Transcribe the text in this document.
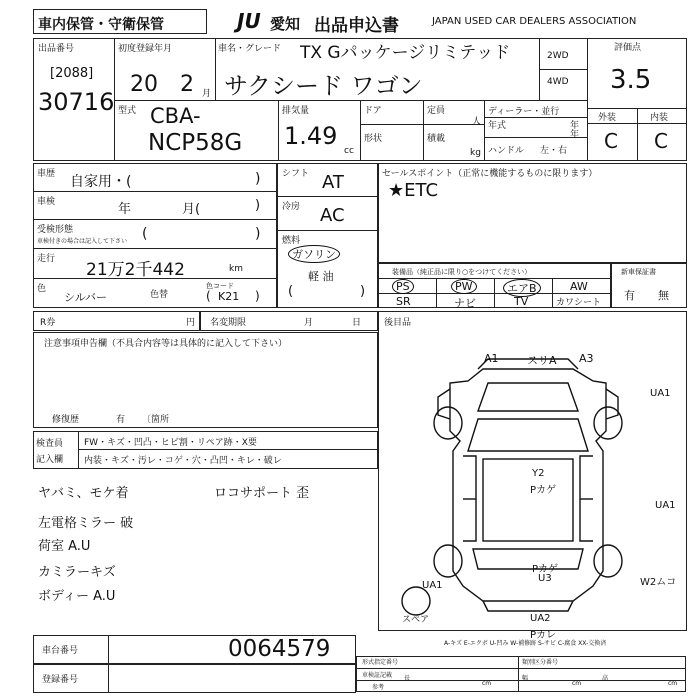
車内保管・守衛保管	JU 愛知 出品申込書	JAPAN USED CAR DEALERS ASSOCIATION
出品番号
[2088]
30716
初度登録年月
20 2 月
車名・グレード TX Gパッケージリミテッド
サクシード ワゴン
2WD
4WD
評価点
3.5
外装	内装
C C
型式 CBA-
NCP58G
排気量
1.49
cc
ドア	定員
人
形状	積載
kg
ディーラー・並行
年式	年
年
ハンドル 左・右
車歴 自家用・(	)
車検	年	月(	)
受検形態
車検付きの場合は記入して下さい (	)
走行
21万2千442	km
色
シルバー	色替
色コード
( K21 )
シフト AT
冷房 AC
燃料
ガソリン
軽 油
(	)
セールスポイント（正常に機能するものに限ります）
★ETC
装備品（純正品に限り○をつけてください）
PS	PW	エアB	AW
SR	ナビ	TV	カワシート
新車保証書
有 無
R券	円 名変期限	月	日
注意事項申告欄（不具合内容等は具体的に記入して下さい）
修復歴	有 〔箇所
検査員
記入欄
FW・キズ・凹凸・ヒビ割・リペア跡・X要
内装・キズ・汚レ・コゲ・穴・凸凹・キレ・破レ
ヤバミ、モケ着	ロコサポート 歪
左電格ミラー 破
荷室 A.U
カミラーキズ
ボディー A.U
後目品
A1	スリA A3
UA1
UA1
Y2
Pカゲ
Pカゲ
U3	W2ムコ
UA1
スペア	UA2
Pカレ
A-キズ E-エクボ U-凹み W-補修跡 S-サビ C-腐食 XX-交換済
車台番号	0064579
登録番号
形式指定番号	類別区分番号
車検証記載
参考
長
cm
幅
cm
高
cm
